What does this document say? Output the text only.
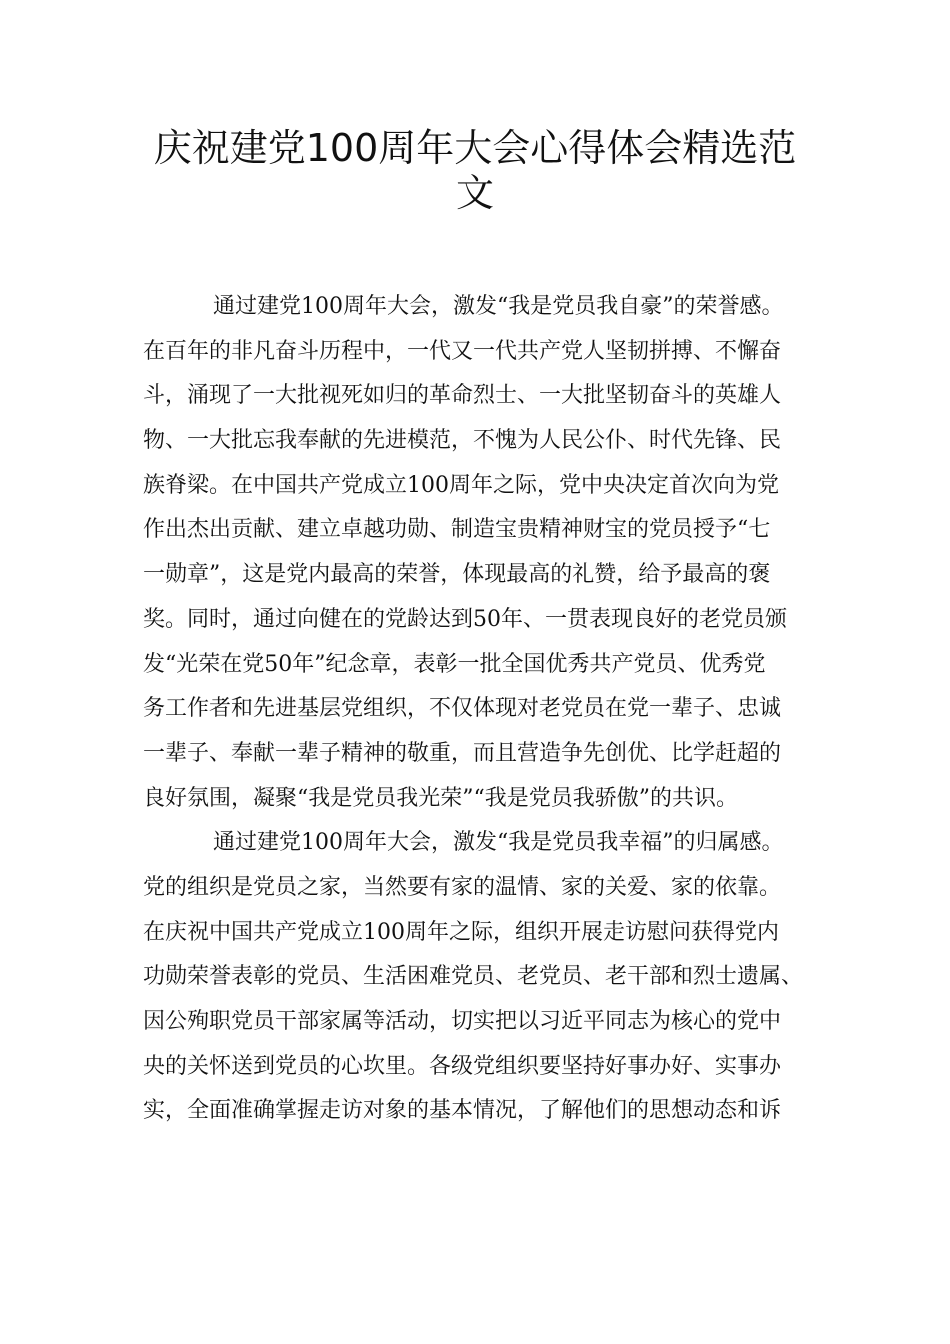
庆祝建党100周年大会心得体会精选范
文
通过建党100周年大会，激发“我是党员我自豪”的荣誉感。
在百年的非凡奋斗历程中，一代又一代共产党人坚韧拼搏、不懈奋
斗，涌现了一大批视死如归的革命烈士、一大批坚韧奋斗的英雄人
物、一大批忘我奉献的先进模范，不愧为人民公仆、时代先锋、民
族脊梁。在中国共产党成立100周年之际，党中央决定首次向为党
作出杰出贡献、建立卓越功勋、制造宝贵精神财宝的党员授予“七
一勋章”，这是党内最高的荣誉，体现最高的礼赞，给予最高的褒
奖。同时，通过向健在的党龄达到50年、一贯表现良好的老党员颁
发“光荣在党50年”纪念章，表彰一批全国优秀共产党员、优秀党
务工作者和先进基层党组织，不仅体现对老党员在党一辈子、忠诚
一辈子、奉献一辈子精神的敬重，而且营造争先创优、比学赶超的
良好氛围，凝聚“我是党员我光荣”“我是党员我骄傲”的共识。
通过建党100周年大会，激发“我是党员我幸福”的归属感。
党的组织是党员之家，当然要有家的温情、家的关爱、家的依靠。
在庆祝中国共产党成立100周年之际，组织开展走访慰问获得党内
功勋荣誉表彰的党员、生活困难党员、老党员、老干部和烈士遗属、
因公殉职党员干部家属等活动，切实把以习近平同志为核心的党中
央的关怀送到党员的心坎里。各级党组织要坚持好事办好、实事办
实，全面准确掌握走访对象的基本情况，了解他们的思想动态和诉
